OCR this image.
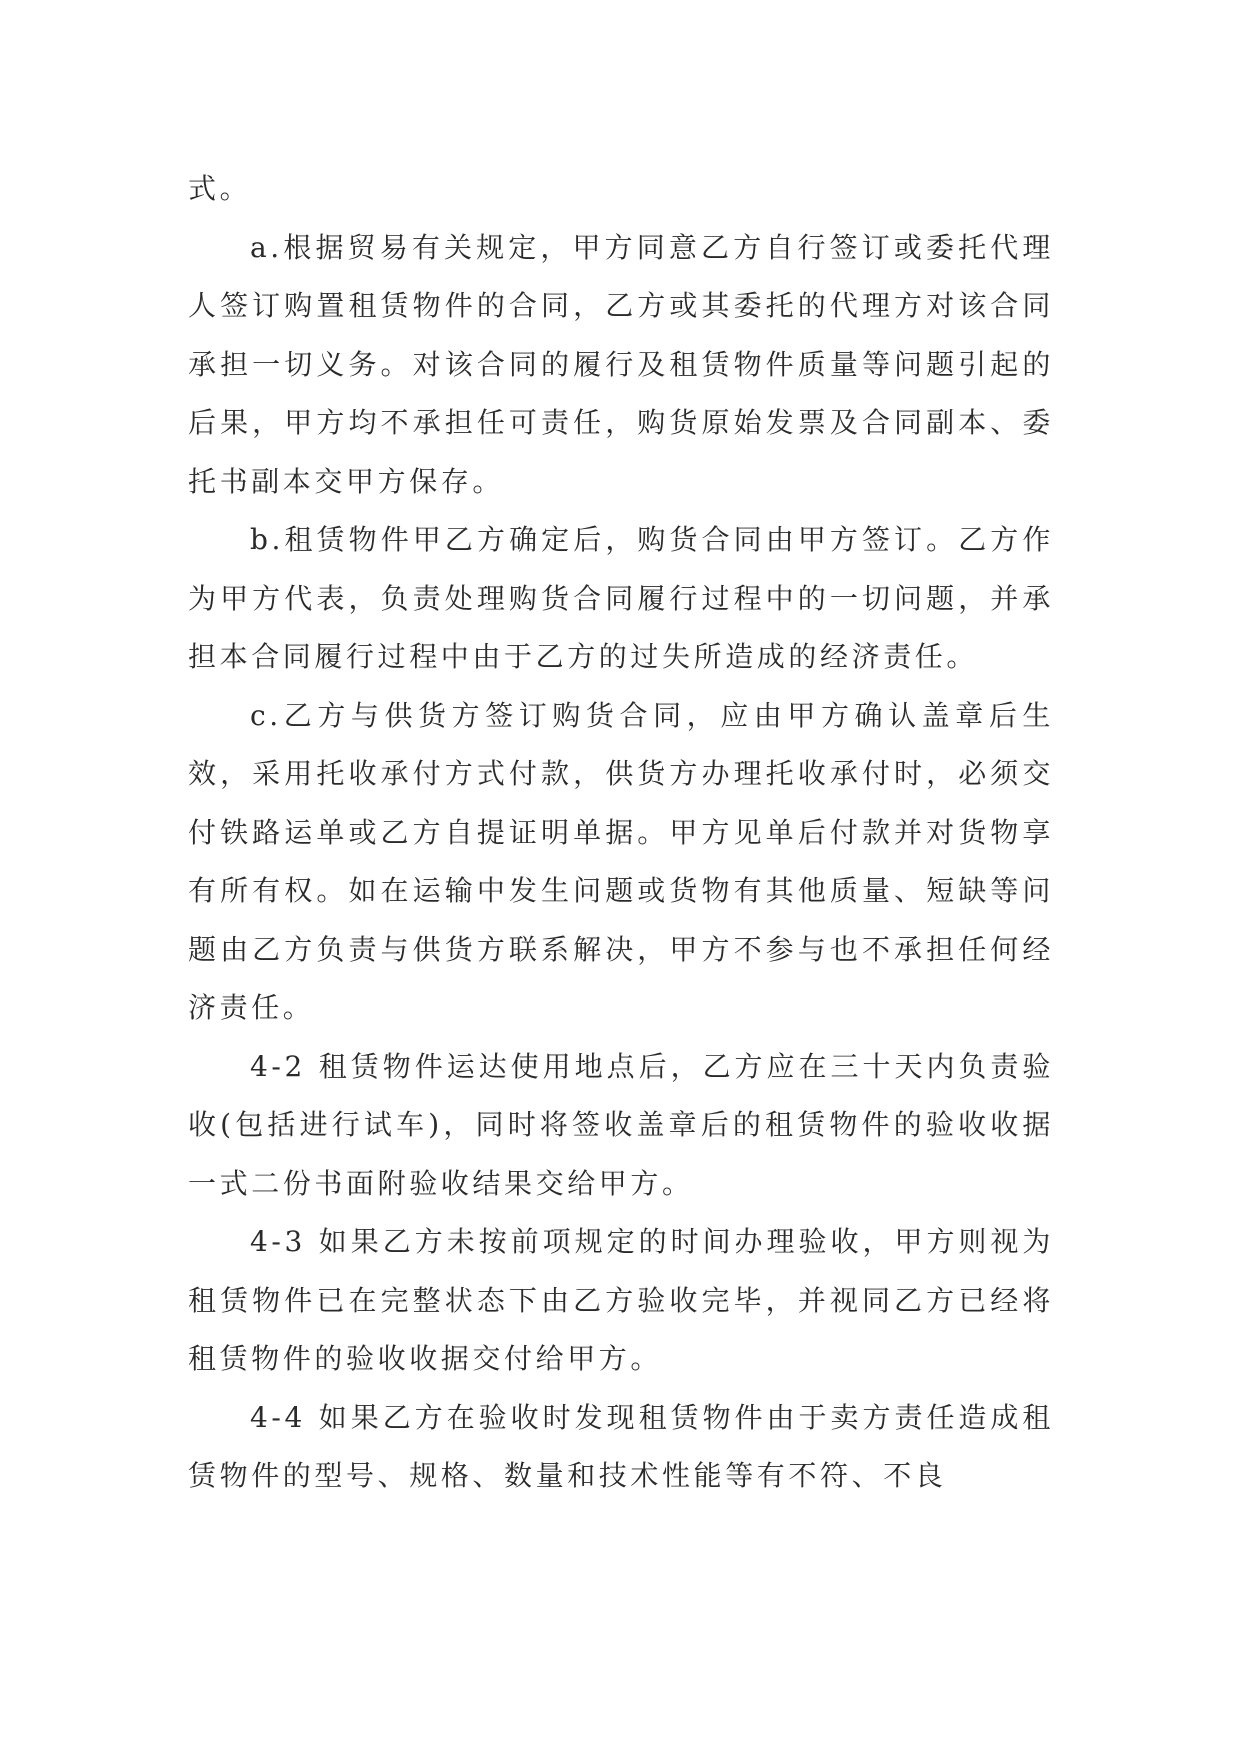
式。

a.根据贸易有关规定，甲方同意乙方自行签订或委托代理人签订购置租赁物件的合同，乙方或其委托的代理方对该合同承担一切义务。对该合同的履行及租赁物件质量等问题引起的后果，甲方均不承担任可责任，购货原始发票及合同副本、委托书副本交甲方保存。

b.租赁物件甲乙方确定后，购货合同由甲方签订。乙方作为甲方代表，负责处理购货合同履行过程中的一切问题，并承担本合同履行过程中由于乙方的过失所造成的经济责任。

c.乙方与供货方签订购货合同，应由甲方确认盖章后生效，采用托收承付方式付款，供货方办理托收承付时，必须交付铁路运单或乙方自提证明单据。甲方见单后付款并对货物享有所有权。如在运输中发生问题或货物有其他质量、短缺等问题由乙方负责与供货方联系解决，甲方不参与也不承担任何经济责任。

4-2 租赁物件运达使用地点后，乙方应在三十天内负责验收(包括进行试车)，同时将签收盖章后的租赁物件的验收收据一式二份书面附验收结果交给甲方。

4-3 如果乙方未按前项规定的时间办理验收，甲方则视为租赁物件已在完整状态下由乙方验收完毕，并视同乙方已经将租赁物件的验收收据交付给甲方。

4-4 如果乙方在验收时发现租赁物件由于卖方责任造成租赁物件的型号、规格、数量和技术性能等有不符、不良
